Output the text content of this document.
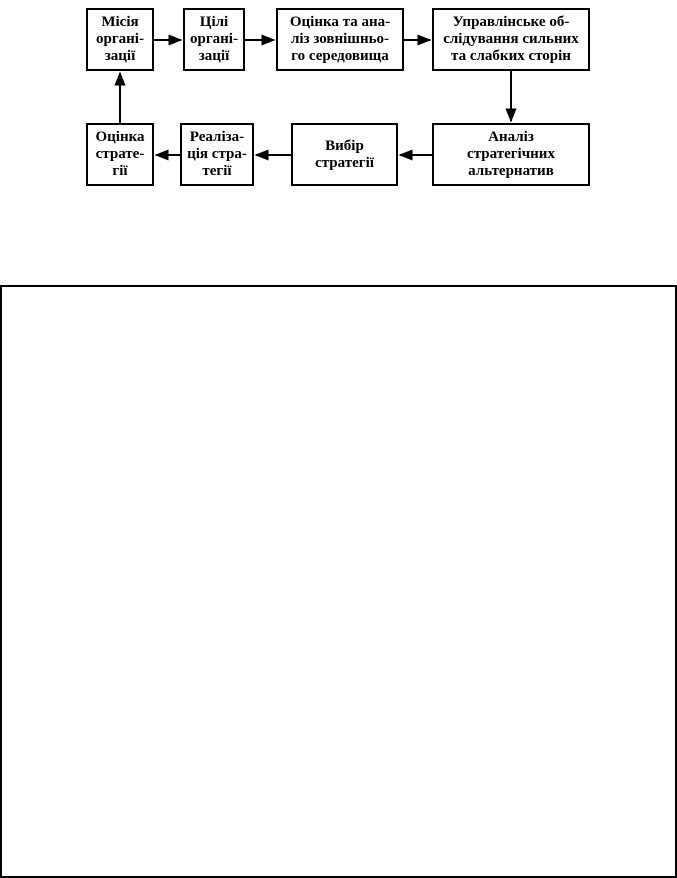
Місія
органі-
зації
Цілі
органі-
зації
Оцінка та ана-
ліз зовнішньо-
го середовища
Управлінське об-
слідування сильних
та слабких сторін
Аналіз
стратегічних
альтернатив
Вибір
стратегії
Реаліза-
ція стра-
тегії
Оцінка
страте-
гії
